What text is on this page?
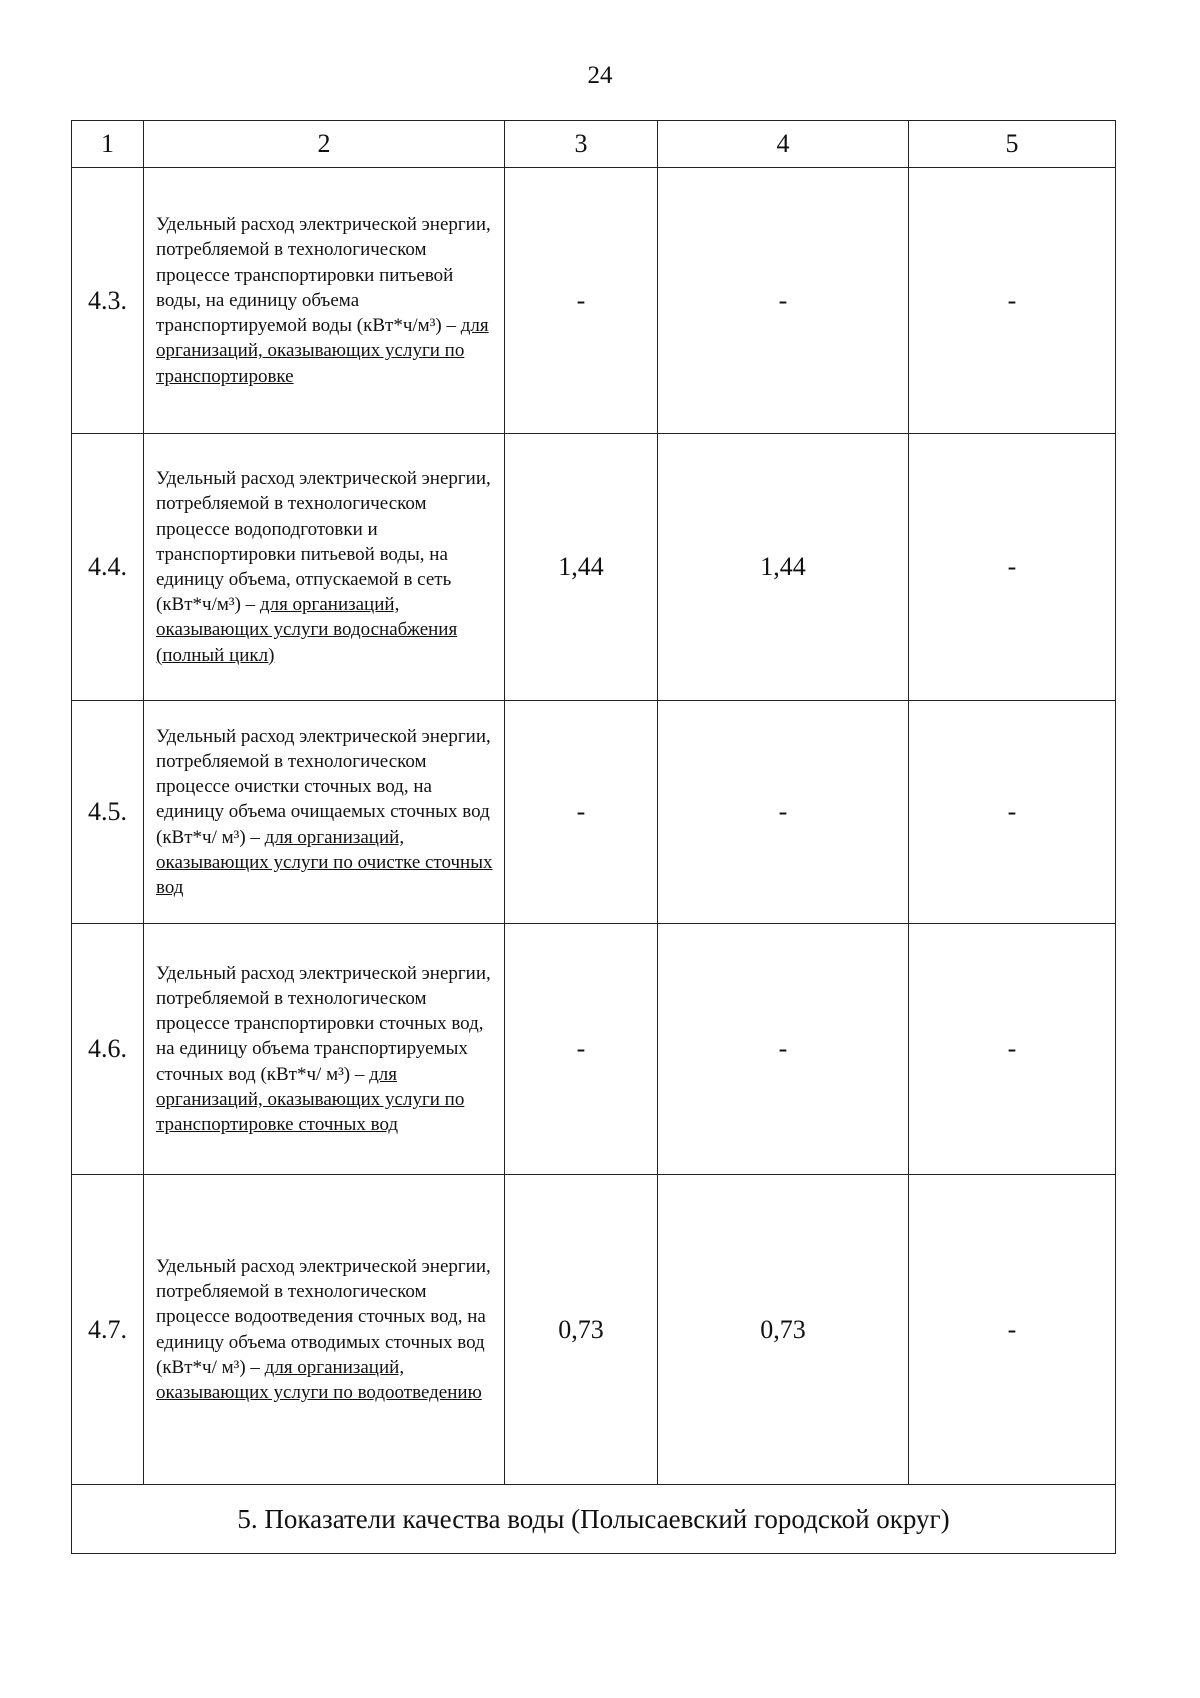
24
1	2	3	4	5
4.3.	Удельный расход электрической энергии, потребляемой в технологическом процессе транспортировки питьевой воды, на единицу объема транспортируемой воды (кВт*ч/м³) – для организаций, оказывающих услуги по транспортировке	-	-	-
4.4.	Удельный расход электрической энергии, потребляемой в технологическом процессе водоподготовки и транспортировки питьевой воды, на единицу объема, отпускаемой в сеть (кВт*ч/м³) – для организаций, оказывающих услуги водоснабжения (полный цикл)	1,44	1,44	-
4.5.	Удельный расход электрической энергии, потребляемой в технологическом процессе очистки сточных вод, на единицу объема очищаемых сточных вод (кВт*ч/ м³) – для организаций, оказывающих услуги по очистке сточных вод	-	-	-
4.6.	Удельный расход электрической энергии, потребляемой в технологическом процессе транспортировки сточных вод, на единицу объема транспортируемых сточных вод (кВт*ч/ м³) – для организаций, оказывающих услуги по транспортировке сточных вод	-	-	-
4.7.	Удельный расход электрической энергии, потребляемой в технологическом процессе водоотведения сточных вод, на единицу объема отводимых сточных вод (кВт*ч/ м³) – для организаций, оказывающих услуги по водоотведению	0,73	0,73	-
5. Показатели качества воды (Полысаевский городской округ)				
